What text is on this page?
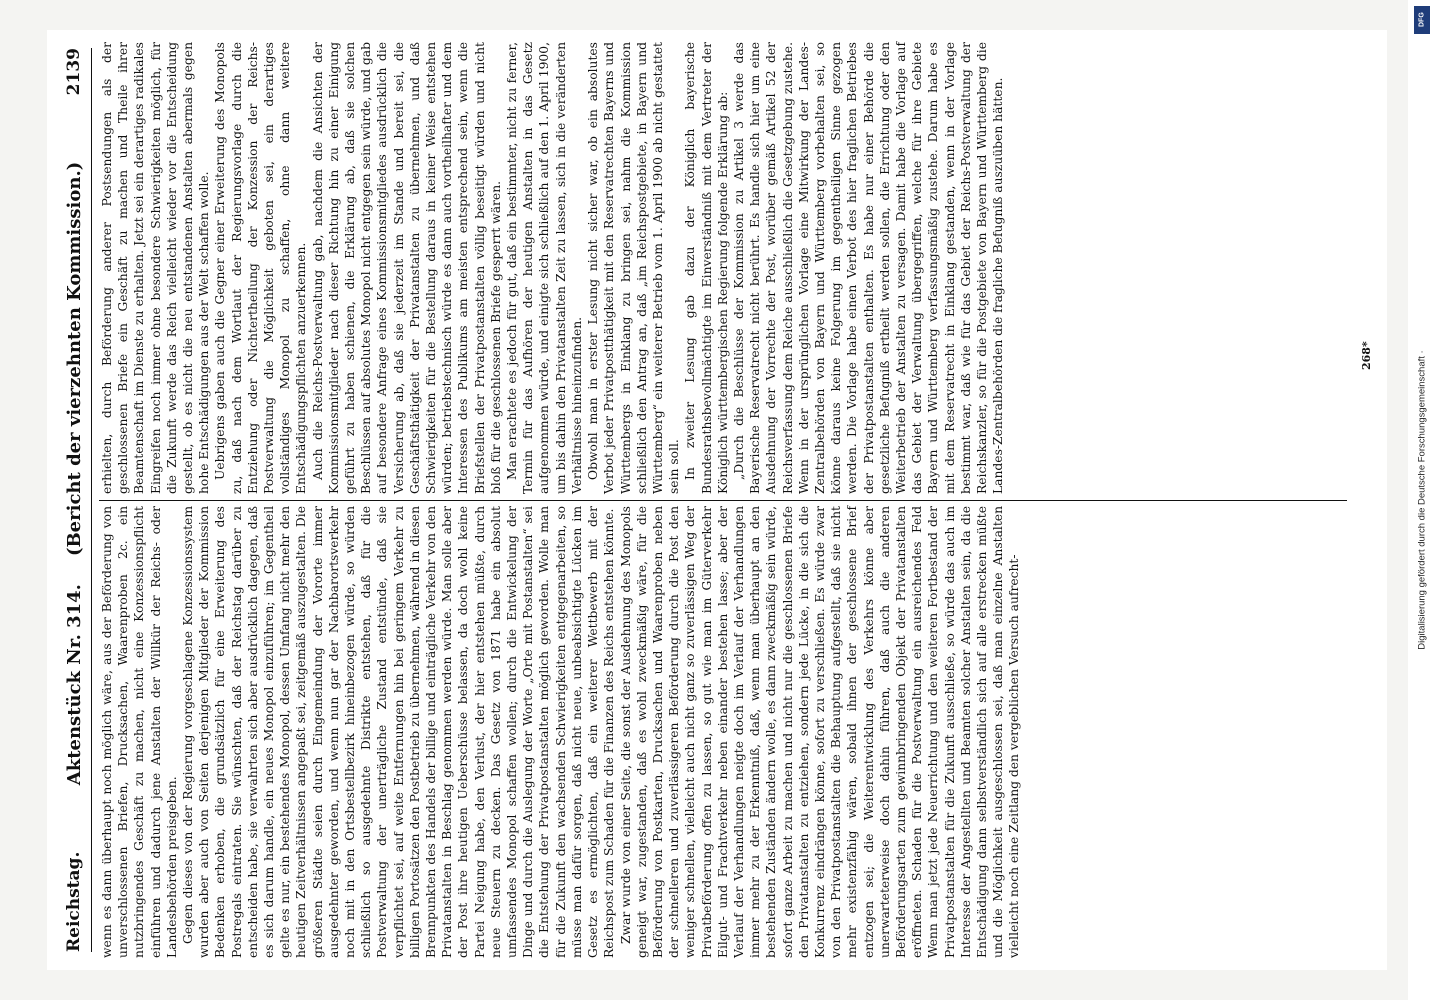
Reichstag.
Aktenstück Nr. 314.
(Bericht der vierzehnten Kommission.)
2139

wenn es dann überhaupt noch möglich wäre, aus der Beförderung von unverschlossenen Briefen, Drucksachen, Waarenproben 2c. ein nutzbringendes Geschäft zu machen, nicht eine Konzessionspflicht einführen und dadurch jene Anstalten der Willkür der Reichs- oder Landesbehörden preisgeben. Gegen dieses von der Regierung vorgeschlagene Konzessionssystem wurden aber auch von Seiten derjenigen Mitglieder der Kommission Bedenken erhoben, die grundsätzlich für eine Erweiterung des Postregals eintraten. Sie wünschten, daß der Reichstag darüber zu entscheiden habe, sie verwahrten sich aber ausdrücklich dagegen, daß es sich darum handle, ein neues Monopol einzuführen; im Gegentheil gelte es nur, ein bestehendes Monopol, dessen Umfang nicht mehr den heutigen Zeitverhältnissen angepaßt sei, zeitgemäß auszugestalten. Die größeren Städte seien durch Eingemeindung der Vororte immer ausgedehnter geworden, und wenn nun gar der Nachbarortsverkehr noch mit in den Ortsbestellbezirk hineinbezogen würde, so würden schließlich so ausgedehnte Distrikte entstehen, daß für die Postverwaltung der unerträgliche Zustand entstünde, daß sie verpflichtet sei, auf weite Entfernungen hin bei geringem Verkehr zu billigen Portosätzen den Postbetrieb zu übernehmen, während in diesen Brennpunkten des Handels der billige und einträgliche Verkehr von den Privatanstalten in Beschlag genommen werden würde. Man solle aber der Post ihre heutigen Ueberschüsse belassen, da doch wohl keine Partei Neigung habe, den Verlust, der hier entstehen müßte, durch neue Steuern zu decken. Das Gesetz von 1871 habe ein absolut umfassendes Monopol schaffen wollen; durch die Entwickelung der Dinge und durch die Auslegung der Worte „Orte mit Postanstalten“ sei die Entstehung der Privatpostanstalten möglich geworden. Wolle man für die Zukunft den wachsenden Schwierigkeiten entgegenarbeiten, so müsse man dafür sorgen, daß nicht neue, unbeabsichtigte Lücken im Gesetz es ermöglichten, daß ein weiterer Wettbewerb mit der Reichspost zum Schaden für die Finanzen des Reichs entstehen könnte. Zwar wurde von einer Seite, die sonst der Ausdehnung des Monopols geneigt war, zugestanden, daß es wohl zweckmäßig wäre, für die Beförderung von Postkarten, Drucksachen und Waarenproben neben der schnelleren und zuverlässigeren Beförderung durch die Post den weniger schnellen, vielleicht auch nicht ganz so zuverlässigen Weg der Privatbeförderung offen zu lassen, so gut wie man im Güterverkehr Eilgut- und Frachtverkehr neben einander bestehen lasse; aber der Verlauf der Verhandlungen neigte doch im Verlauf der Verhandlungen immer mehr zu der Erkenntniß, daß, wenn man überhaupt an den bestehenden Zuständen ändern wolle, es dann zweckmäßig sein würde, sofort ganze Arbeit zu machen und nicht nur die geschlossenen Briefe den Privatanstalten zu entziehen, sondern jede Lücke, in die sich die Konkurrenz eindrängen könne, sofort zu verschließen. Es würde zwar von den Privatpostanstalten die Behauptung aufgestellt, daß sie nicht mehr existenzfähig wären, sobald ihnen der geschlossene Brief entzogen sei; die Weiterentwicklung des Verkehrs könne aber unerwarteterweise doch dahin führen, daß auch die anderen Beförderungsarten zum gewinnbringenden Objekt der Privatanstalten eröffneten. Schaden für die Postverwaltung ein ausreichendes Feld Wenn man jetzt jede Neuerrichtung und den weiteren Fortbestand der Privatpostanstalten für die Zukunft ausschließe, so würde das auch im Interesse der Angestellten und Beamten solcher Anstalten sein, da die Entschädigung dann selbstverständlich sich auf alle erstrecken müßte und die Möglichkeit ausgeschlossen sei, daß man einzelne Anstalten vielleicht noch eine Zeitlang den vergeblichen Versuch aufrecht-

erhielten, durch Beförderung anderer Postsendungen als der geschlossenen Briefe ein Geschäft zu machen und Theile ihrer Beamtenschaft im Dienste zu erhalten. Jetzt sei ein derartiges radikales Eingreifen noch immer ohne besondere Schwierigkeiten möglich, für die Zukunft werde das Reich vielleicht wieder vor die Entscheidung gestellt, ob es nicht die neu entstandenen Anstalten abermals gegen hohe Entschädigungen aus der Welt schaffen wolle. Uebrigens gaben auch die Gegner einer Erweiterung des Monopols zu, daß nach dem Wortlaut der Regierungsvorlage durch die Entziehung oder Nichtertheilung der Konzession der Reichs-Postverwaltung die Möglichkeit geboten sei, ein derartiges vollständiges Monopol zu schaffen, ohne dann weitere Entschädigungspflichten anzuerkennen. Auch die Reichs-Postverwaltung gab, nachdem die Ansichten der Kommissionsmitglieder nach dieser Richtung hin zu einer Einigung geführt zu haben schienen, die Erklärung ab, daß sie solchen Beschlüssen auf absolutes Monopol nicht entgegen sein würde, und gab auf besondere Anfrage eines Kommissionsmitgliedes ausdrücklich die Versicherung ab, daß sie jederzeit im Stande und bereit sei, die Geschäftsthätigkeit der Privatanstalten zu übernehmen, und daß Schwierigkeiten für die Bestellung daraus in keiner Weise entstehen würden; betriebstechnisch würde es dann auch vortheilhafter und dem Interessen des Publikums am meisten entsprechend sein, wenn die Briefstellen der Privatpostanstalten völlig beseitigt würden und nicht bloß für die geschlossenen Briefe gesperrt wären. Man erachtete es jedoch für gut, daß ein bestimmter, nicht zu ferner, Termin für das Aufhören der heutigen Anstalten in das Gesetz aufgenommen würde, und einigte sich schließlich auf den 1. April 1900, um bis dahin den Privatanstalten Zeit zu lassen, sich in die veränderten Verhältnisse hineinzufinden. Obwohl man in erster Lesung nicht sicher war, ob ein absolutes Verbot jeder Privatpostthätigkeit mit den Reservatrechten Bayerns und Württembergs in Einklang zu bringen sei, nahm die Kommission schließlich den Antrag an, daß „im Reichspostgebiete, in Bayern und Württemberg“ ein weiterer Betrieb vom 1. April 1900 ab nicht gestattet sein soll. In zweiter Lesung gab dazu der Königlich bayerische Bundesrathsbevollmächtigte im Einverständniß mit dem Vertreter der Königlich württembergischen Regierung folgende Erklärung ab: „Durch die Beschlüsse der Kommission zu Artikel 3 werde das Bayerische Reservatrecht nicht berührt. Es handle sich hier um eine Ausdehnung der Vorrechte der Post, worüber gemäß Artikel 52 der Reichsverfassung dem Reiche ausschließlich die Gesetzgebung zustehe. Wenn in der ursprünglichen Vorlage eine Mitwirkung der Landes-Zentralbehörden von Bayern und Württemberg vorbehalten sei, so könne daraus keine Folgerung im gegentheiligen Sinne gezogen werden. Die Vorlage habe einen Verbot des hier fraglichen Betriebes der Privatpostanstalten enthalten. Es habe nur einer Behörde die gesetzliche Befugniß ertheilt werden sollen, die Errichtung oder den Weiterbetrieb der Anstalten zu versagen. Damit habe die Vorlage auf das Gebiet der Verwaltung übergegriffen, welche für ihre Gebiete Bayern und Württemberg verfassungsmäßig zustehe. Darum habe es mit dem Reservatrecht in Einklang gestanden, wenn in der Vorlage bestimmt war, daß wie für das Gebiet der Reichs-Postverwaltung der Reichskanzler, so für die Postgebiete von Bayern und Württemberg die Landes-Zentralbehörden die fragliche Befugniß auszuüben hätten.	268*
DFG
Digitalisierung gefördert durch die Deutsche Forschungsgemeinschaft ·
